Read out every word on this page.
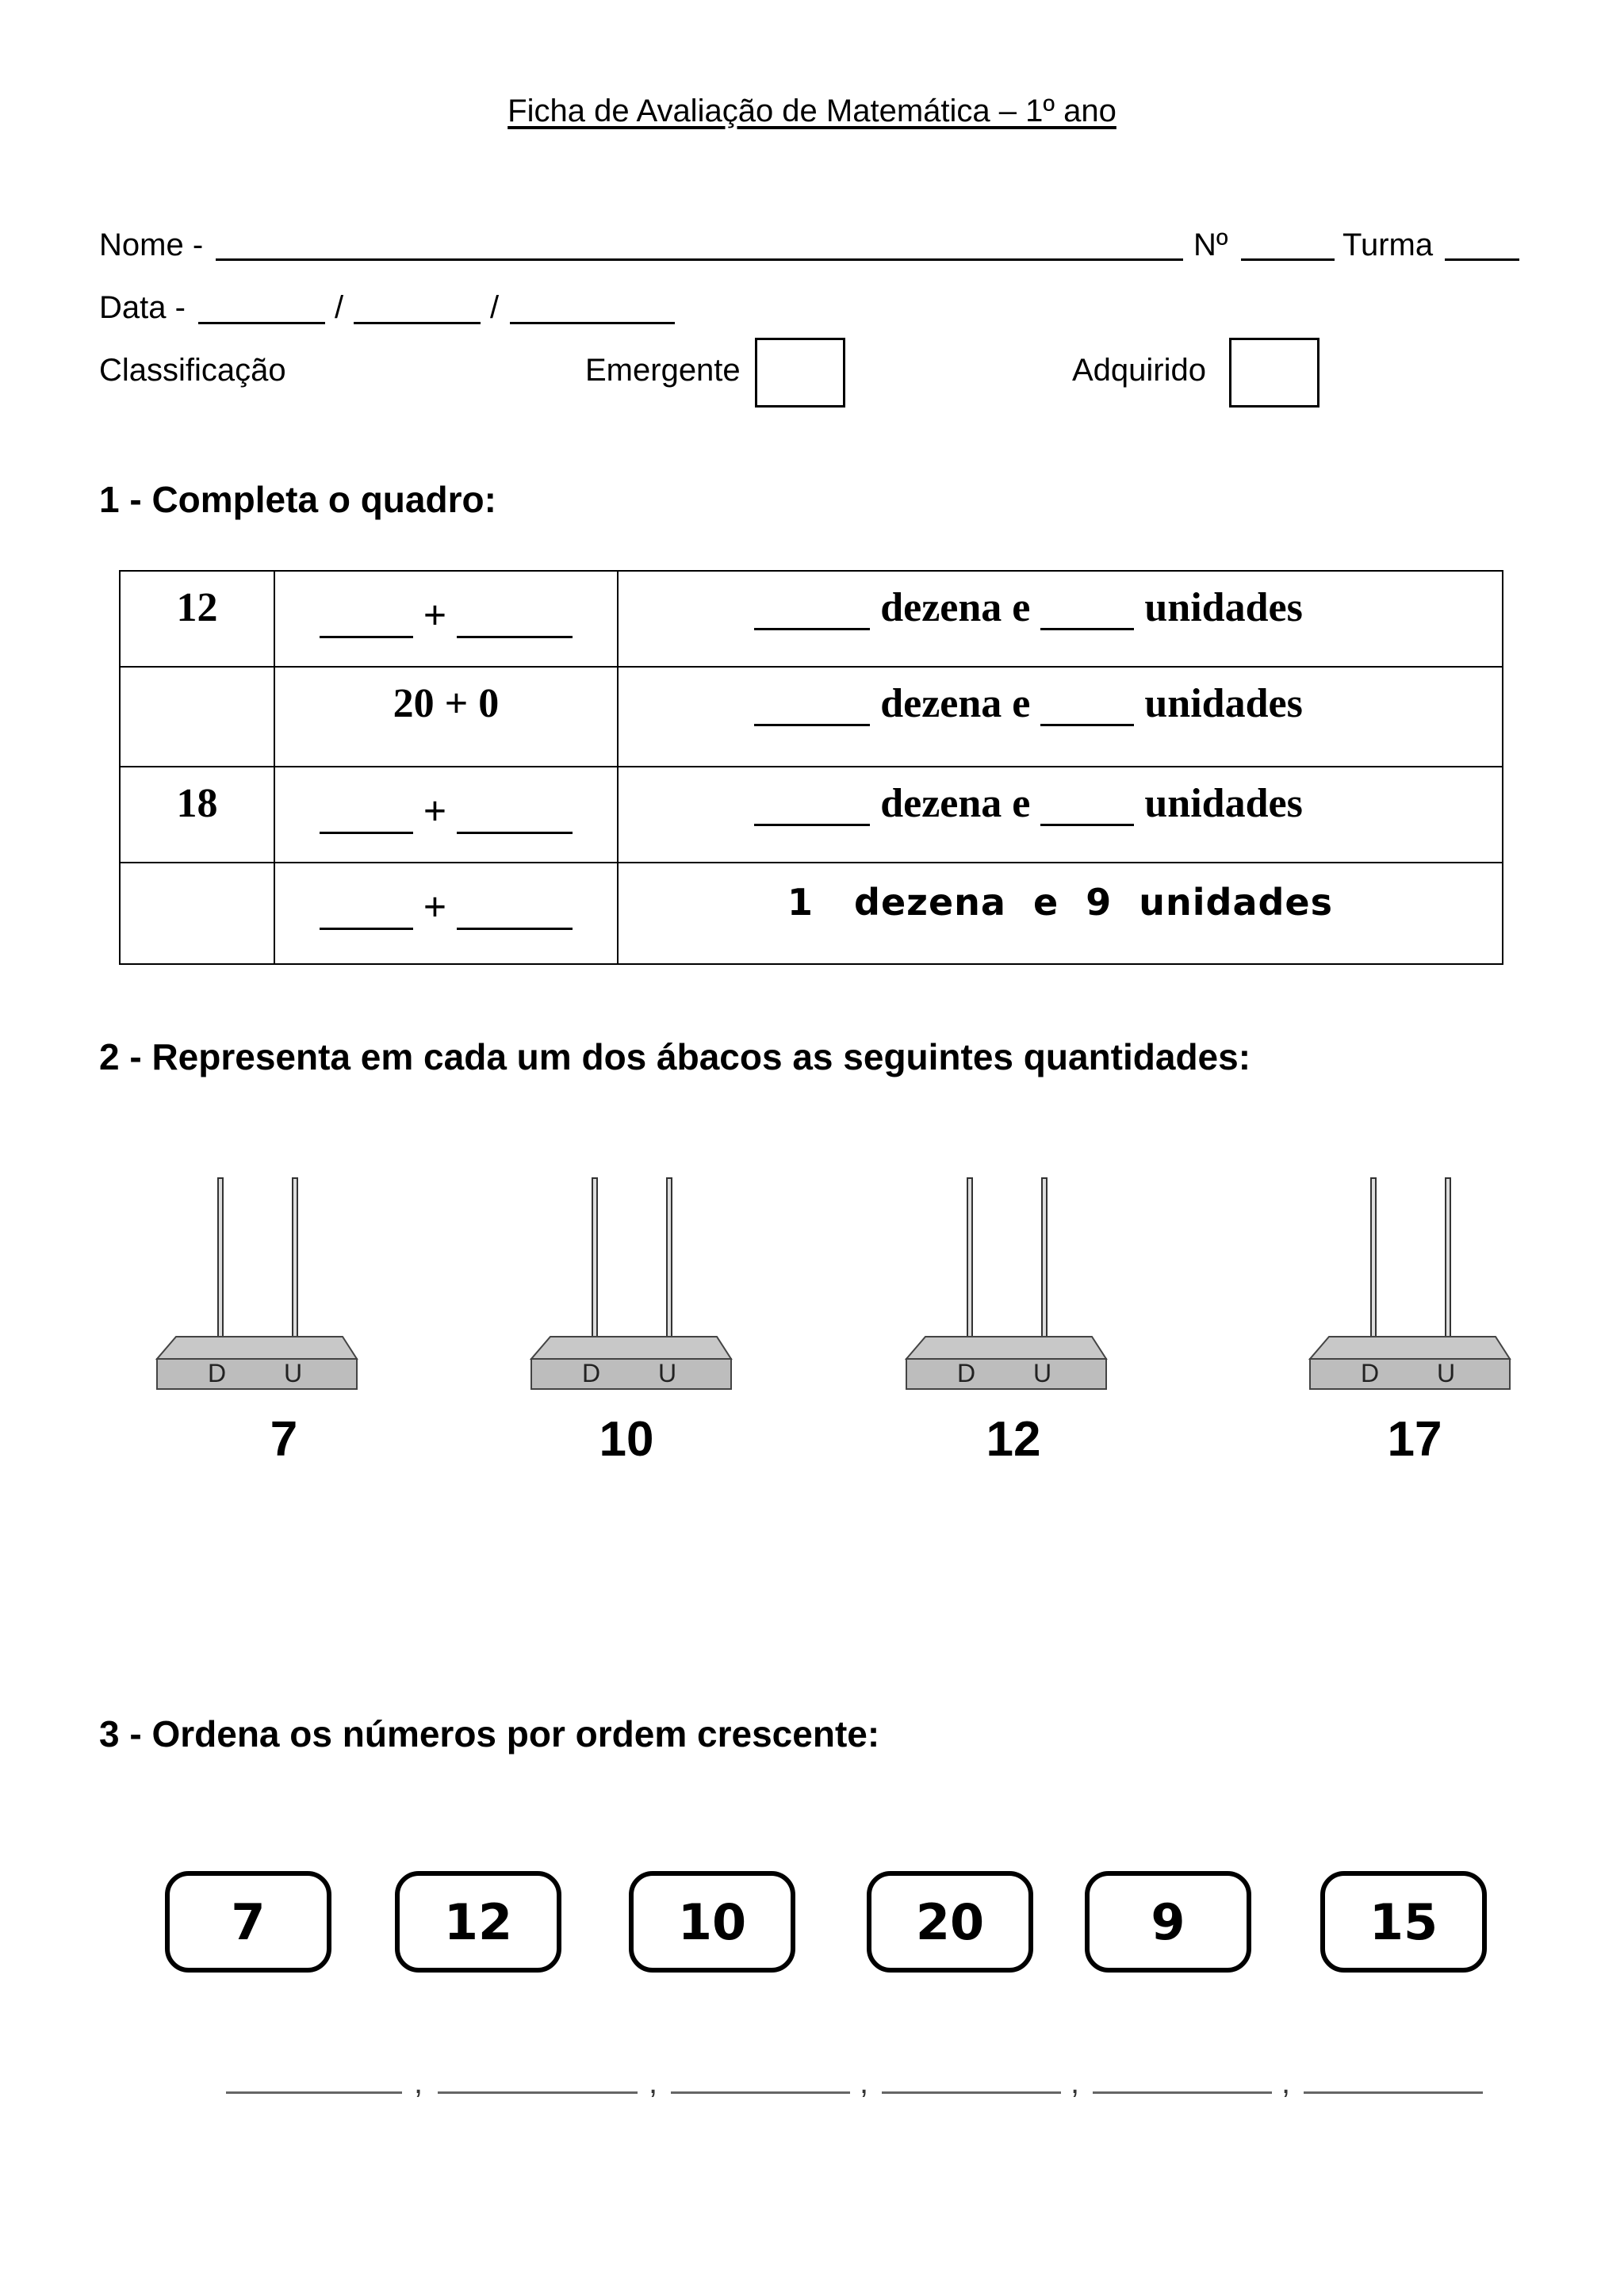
Ficha de Avaliação de Matemática – 1º ano
Nome -	Nº	Turma
Data -	/	/
Classificação	Emergente	Adquirido
1 - Completa o quadro:
12	+	dezena e unidades

	20 + 0	dezena e unidades

18	+	dezena e unidades

	+	1 dezena e 9 unidades
2 - Representa em cada um dos ábacos as seguintes quantidades:
D U
7
D U
10
D U
12
D U
17
3 - Ordena os números por ordem crescente:
7	12	10	20	9	15
,	,	,	,	,
